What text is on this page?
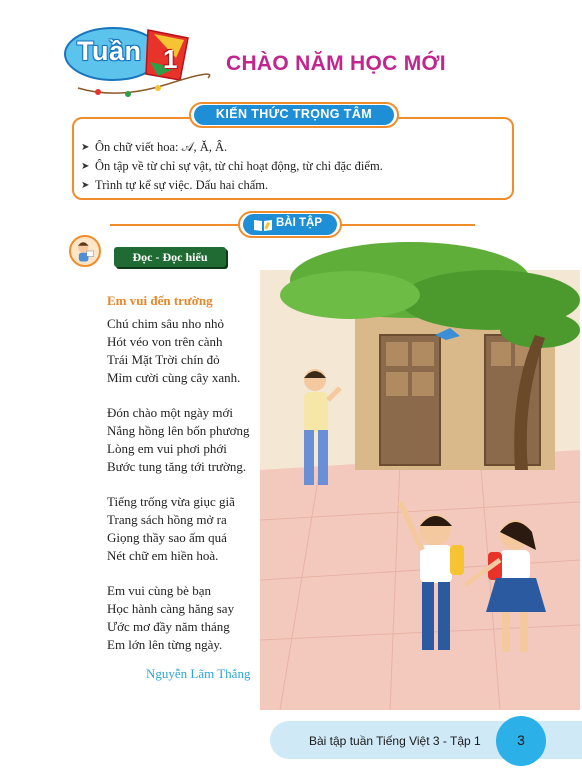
Tuần 1 CHÀO NĂM HỌC MỚI
KIẾN THỨC TRỌNG TÂM
➤ Ôn chữ viết hoa: 𝒜, Ă, Â.
➤ Ôn tập về từ chỉ sự vật, từ chỉ hoạt động, từ chỉ đặc điểm.
➤ Trình tự kể sự việc. Dấu hai chấm.
BÀI TẬP
Đọc - Đọc hiểu
Em vui đến trường
Chú chim sâu nho nhỏ
Hót véo von trên cành
Trái Mặt Trời chín đỏ
Mỉm cười cùng cây xanh.
Đón chào một ngày mới
Nắng hồng lên bốn phương
Lòng em vui phơi phới
Bước tung tăng tới trường.
Tiếng trống vừa giục giã
Trang sách hồng mở ra
Giọng thầy sao ấm quá
Nét chữ em hiền hoà.
Em vui cùng bè bạn
Học hành càng hăng say
Ước mơ đầy năm tháng
Em lớn lên từng ngày.
Nguyễn Lãm Thắng
Bài tập tuần Tiếng Việt 3 - Tập 1	3
